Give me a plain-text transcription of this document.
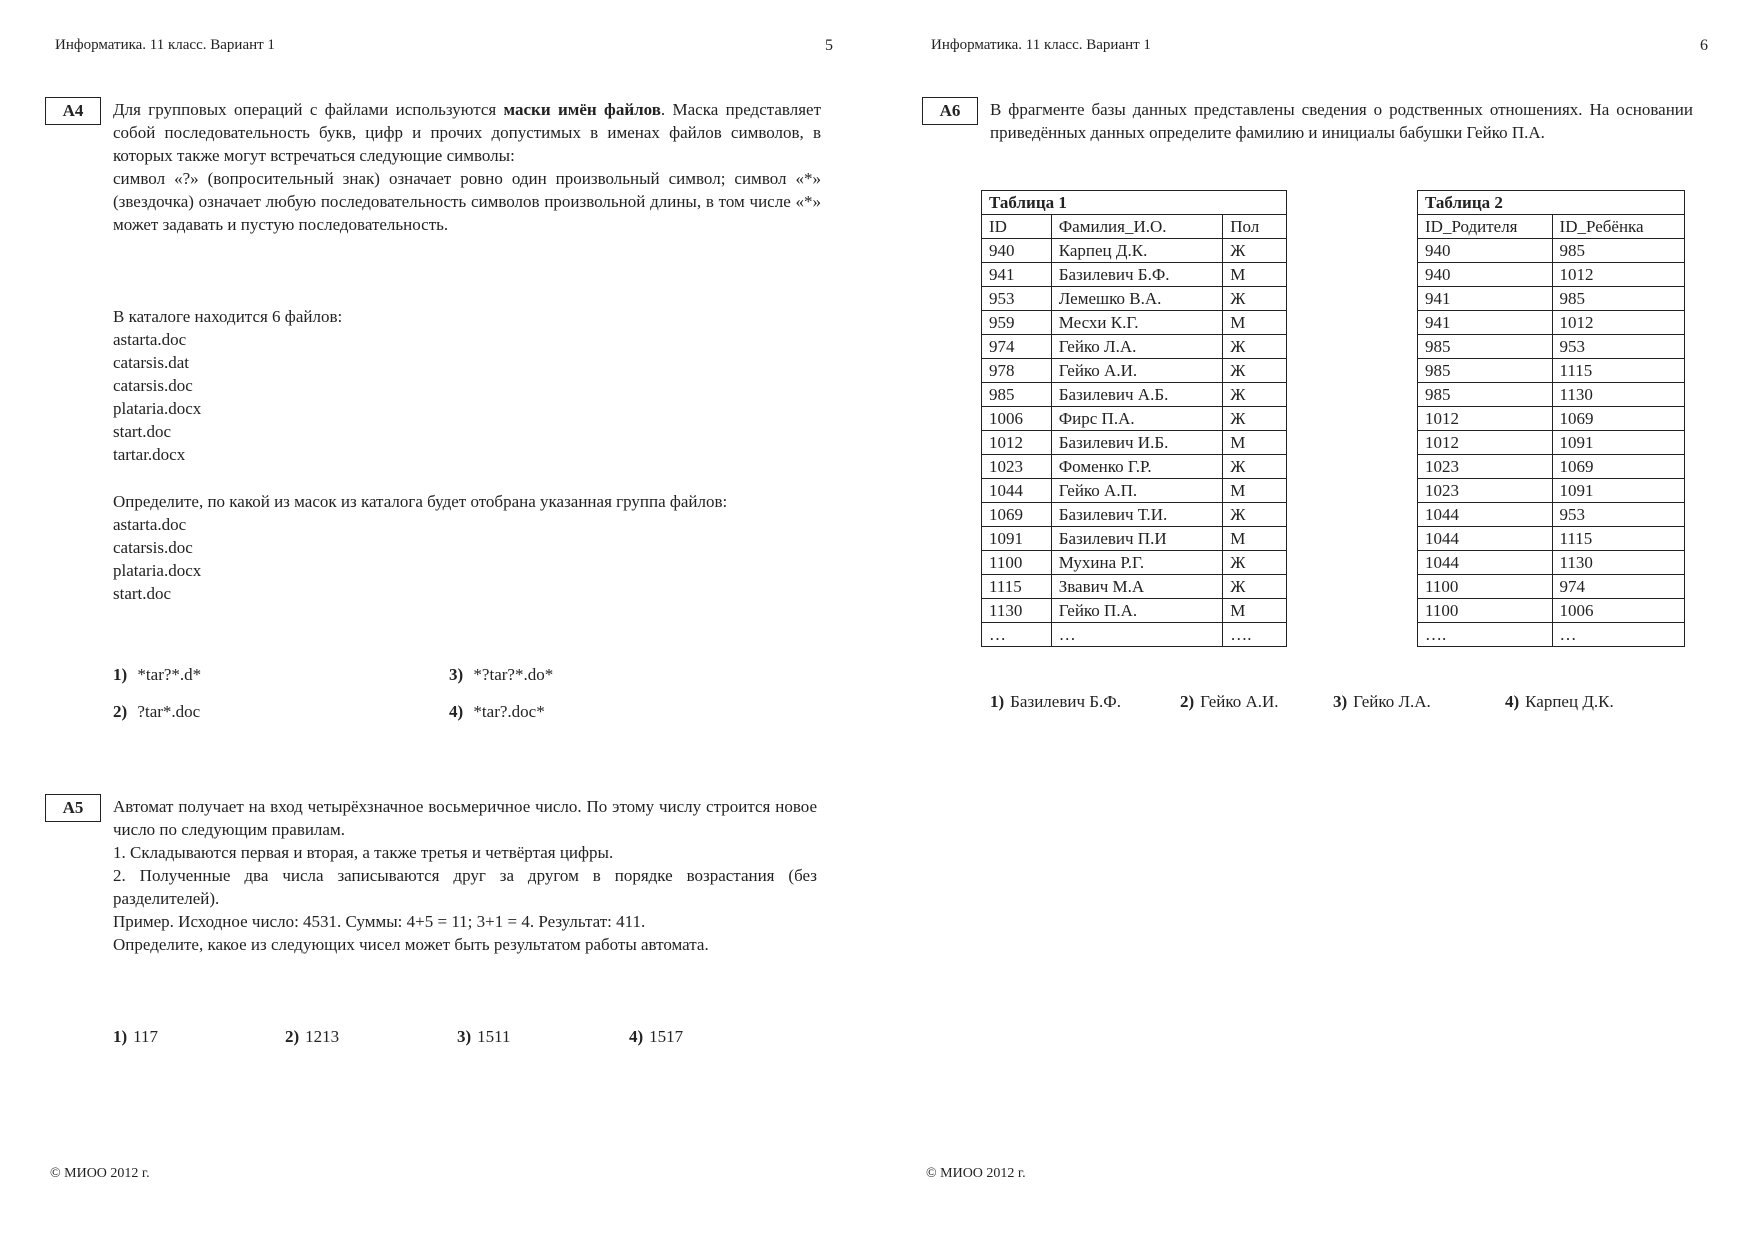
Информатика. 11 класс. Вариант 1	5
А4	Для групповых операций с файлами используются маски имён файлов. Маска представляет собой последовательность букв, цифр и прочих допустимых в именах файлов символов, в которых также могут встречаться следующие символы:

символ «?» (вопросительный знак) означает ровно один произвольный символ; символ «*» (звездочка) означает любую последовательность символов произвольной длины, в том числе «*» может задавать и пустую последовательность.

В каталоге находится 6 файлов:
astarta.doc
catarsis.dat
catarsis.doc
plataria.docx
start.doc
tartar.docx

Определите, по какой из масок из каталога будет отобрана указанная группа файлов:

astarta.doc
catarsis.doc
plataria.docx
start.doc
1) *tar?*.d*
2) ?tar*.doc
3) *?tar?*.do*
4) *tar?.doc*
А5	Автомат получает на вход четырёхзначное восьмеричное число. По этому числу строится новое число по следующим правилам.

1. Складываются первая и вторая, а также третья и четвёртая цифры.

2. Полученные два числа записываются друг за другом в порядке возрастания (без разделителей).

Пример. Исходное число: 4531. Суммы: 4+5 = 11; 3+1 = 4. Результат: 411.

Определите, какое из следующих чисел может быть результатом работы автомата.

1) 117	2) 1213	3) 1511	4) 1517
© МИОО 2012 г.
Информатика. 11 класс. Вариант 1	6
А6	В фрагменте базы данных представлены сведения о родственных отношениях. На основании приведённых данных определите фамилию и инициалы бабушки Гейко П.А.
Таблица 1		
ID	Фамилия_И.О.	Пол
940	Карпец Д.К.	Ж
941	Базилевич Б.Ф.	М
953	Лемешко В.А.	Ж
959	Месхи К.Г.	М
974	Гейко Л.А.	Ж
978	Гейко А.И.	Ж
985	Базилевич А.Б.	Ж
1006	Фирс П.А.	Ж
1012	Базилевич И.Б.	М
1023	Фоменко Г.Р.	Ж
1044	Гейко А.П.	М
1069	Базилевич Т.И.	Ж
1091	Базилевич П.И	М
1100	Мухина Р.Г.	Ж
1115	Звавич М.А	Ж
1130	Гейко П.А.	М
…	…	….
Таблица 2	
ID_Родителя	ID_Ребёнка
940	985
940	1012
941	985
941	1012
985	953
985	1115
985	1130
1012	1069
1012	1091
1023	1069
1023	1091
1044	953
1044	1115
1044	1130
1100	974
1100	1006
….	…
1) Базилевич Б.Ф.	2) Гейко А.И.	3) Гейко Л.А.	4) Карпец Д.К.
© МИОО 2012 г.
